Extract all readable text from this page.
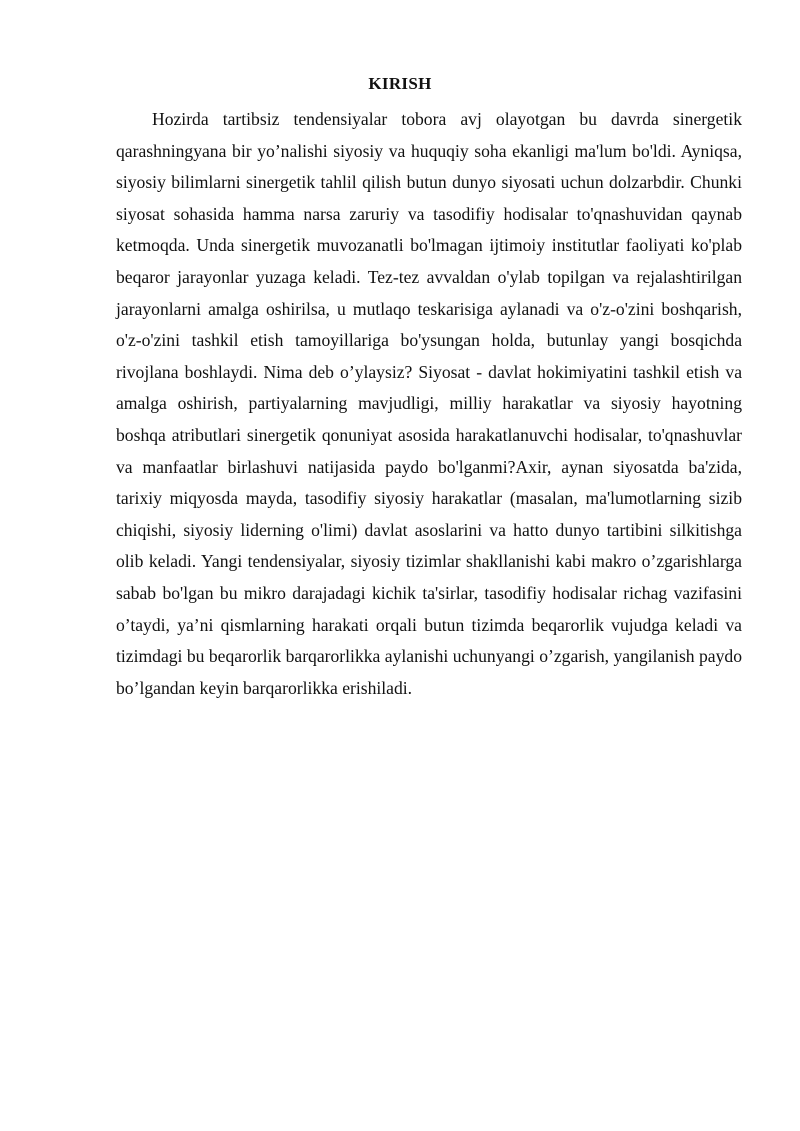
KIRISH

Hozirda tartibsiz tendensiyalar tobora avj olayotgan bu davrda sinergetik qarashningyana bir yo’nalishi siyosiy va huquqiy soha ekanligi ma'lum bo'ldi. Ayniqsa, siyosiy bilimlarni sinergetik tahlil qilish butun dunyo siyosati uchun dolzarbdir. Chunki siyosat sohasida hamma narsa zaruriy va tasodifiy hodisalar to'qnashuvidan qaynab ketmoqda. Unda sinergetik muvozanatli bo'lmagan ijtimoiy institutlar faoliyati ko'plab beqaror jarayonlar yuzaga keladi. Tez-tez avvaldan o'ylab topilgan va rejalashtirilgan jarayonlarni amalga oshirilsa, u mutlaqo teskarisiga aylanadi va o'z-o'zini boshqarish, o'z-o'zini tashkil etish tamoyillariga bo'ysungan holda, butunlay yangi bosqichda rivojlana boshlaydi. Nima deb o’ylaysiz? Siyosat - davlat hokimiyatini tashkil etish va amalga oshirish, partiyalarning mavjudligi, milliy harakatlar va siyosiy hayotning boshqa atributlari sinergetik qonuniyat asosida harakatlanuvchi hodisalar, to'qnashuvlar va manfaatlar birlashuvi natijasida paydo bo'lganmi?Axir, aynan siyosatda ba'zida, tarixiy miqyosda mayda, tasodifiy siyosiy harakatlar (masalan, ma'lumotlarning sizib chiqishi, siyosiy liderning o'limi) davlat asoslarini va hatto dunyo tartibini silkitishga olib keladi. Yangi tendensiyalar, siyosiy tizimlar shakllanishi kabi makro o’zgarishlarga sabab bo'lgan bu mikro darajadagi kichik ta'sirlar, tasodifiy hodisalar richag vazifasini o’taydi, ya’ni qismlarning harakati orqali butun tizimda beqarorlik vujudga keladi va tizimdagi bu beqarorlik barqarorlikka aylanishi uchunyangi o’zgarish, yangilanish paydo bo’lgandan keyin barqarorlikka erishiladi.
